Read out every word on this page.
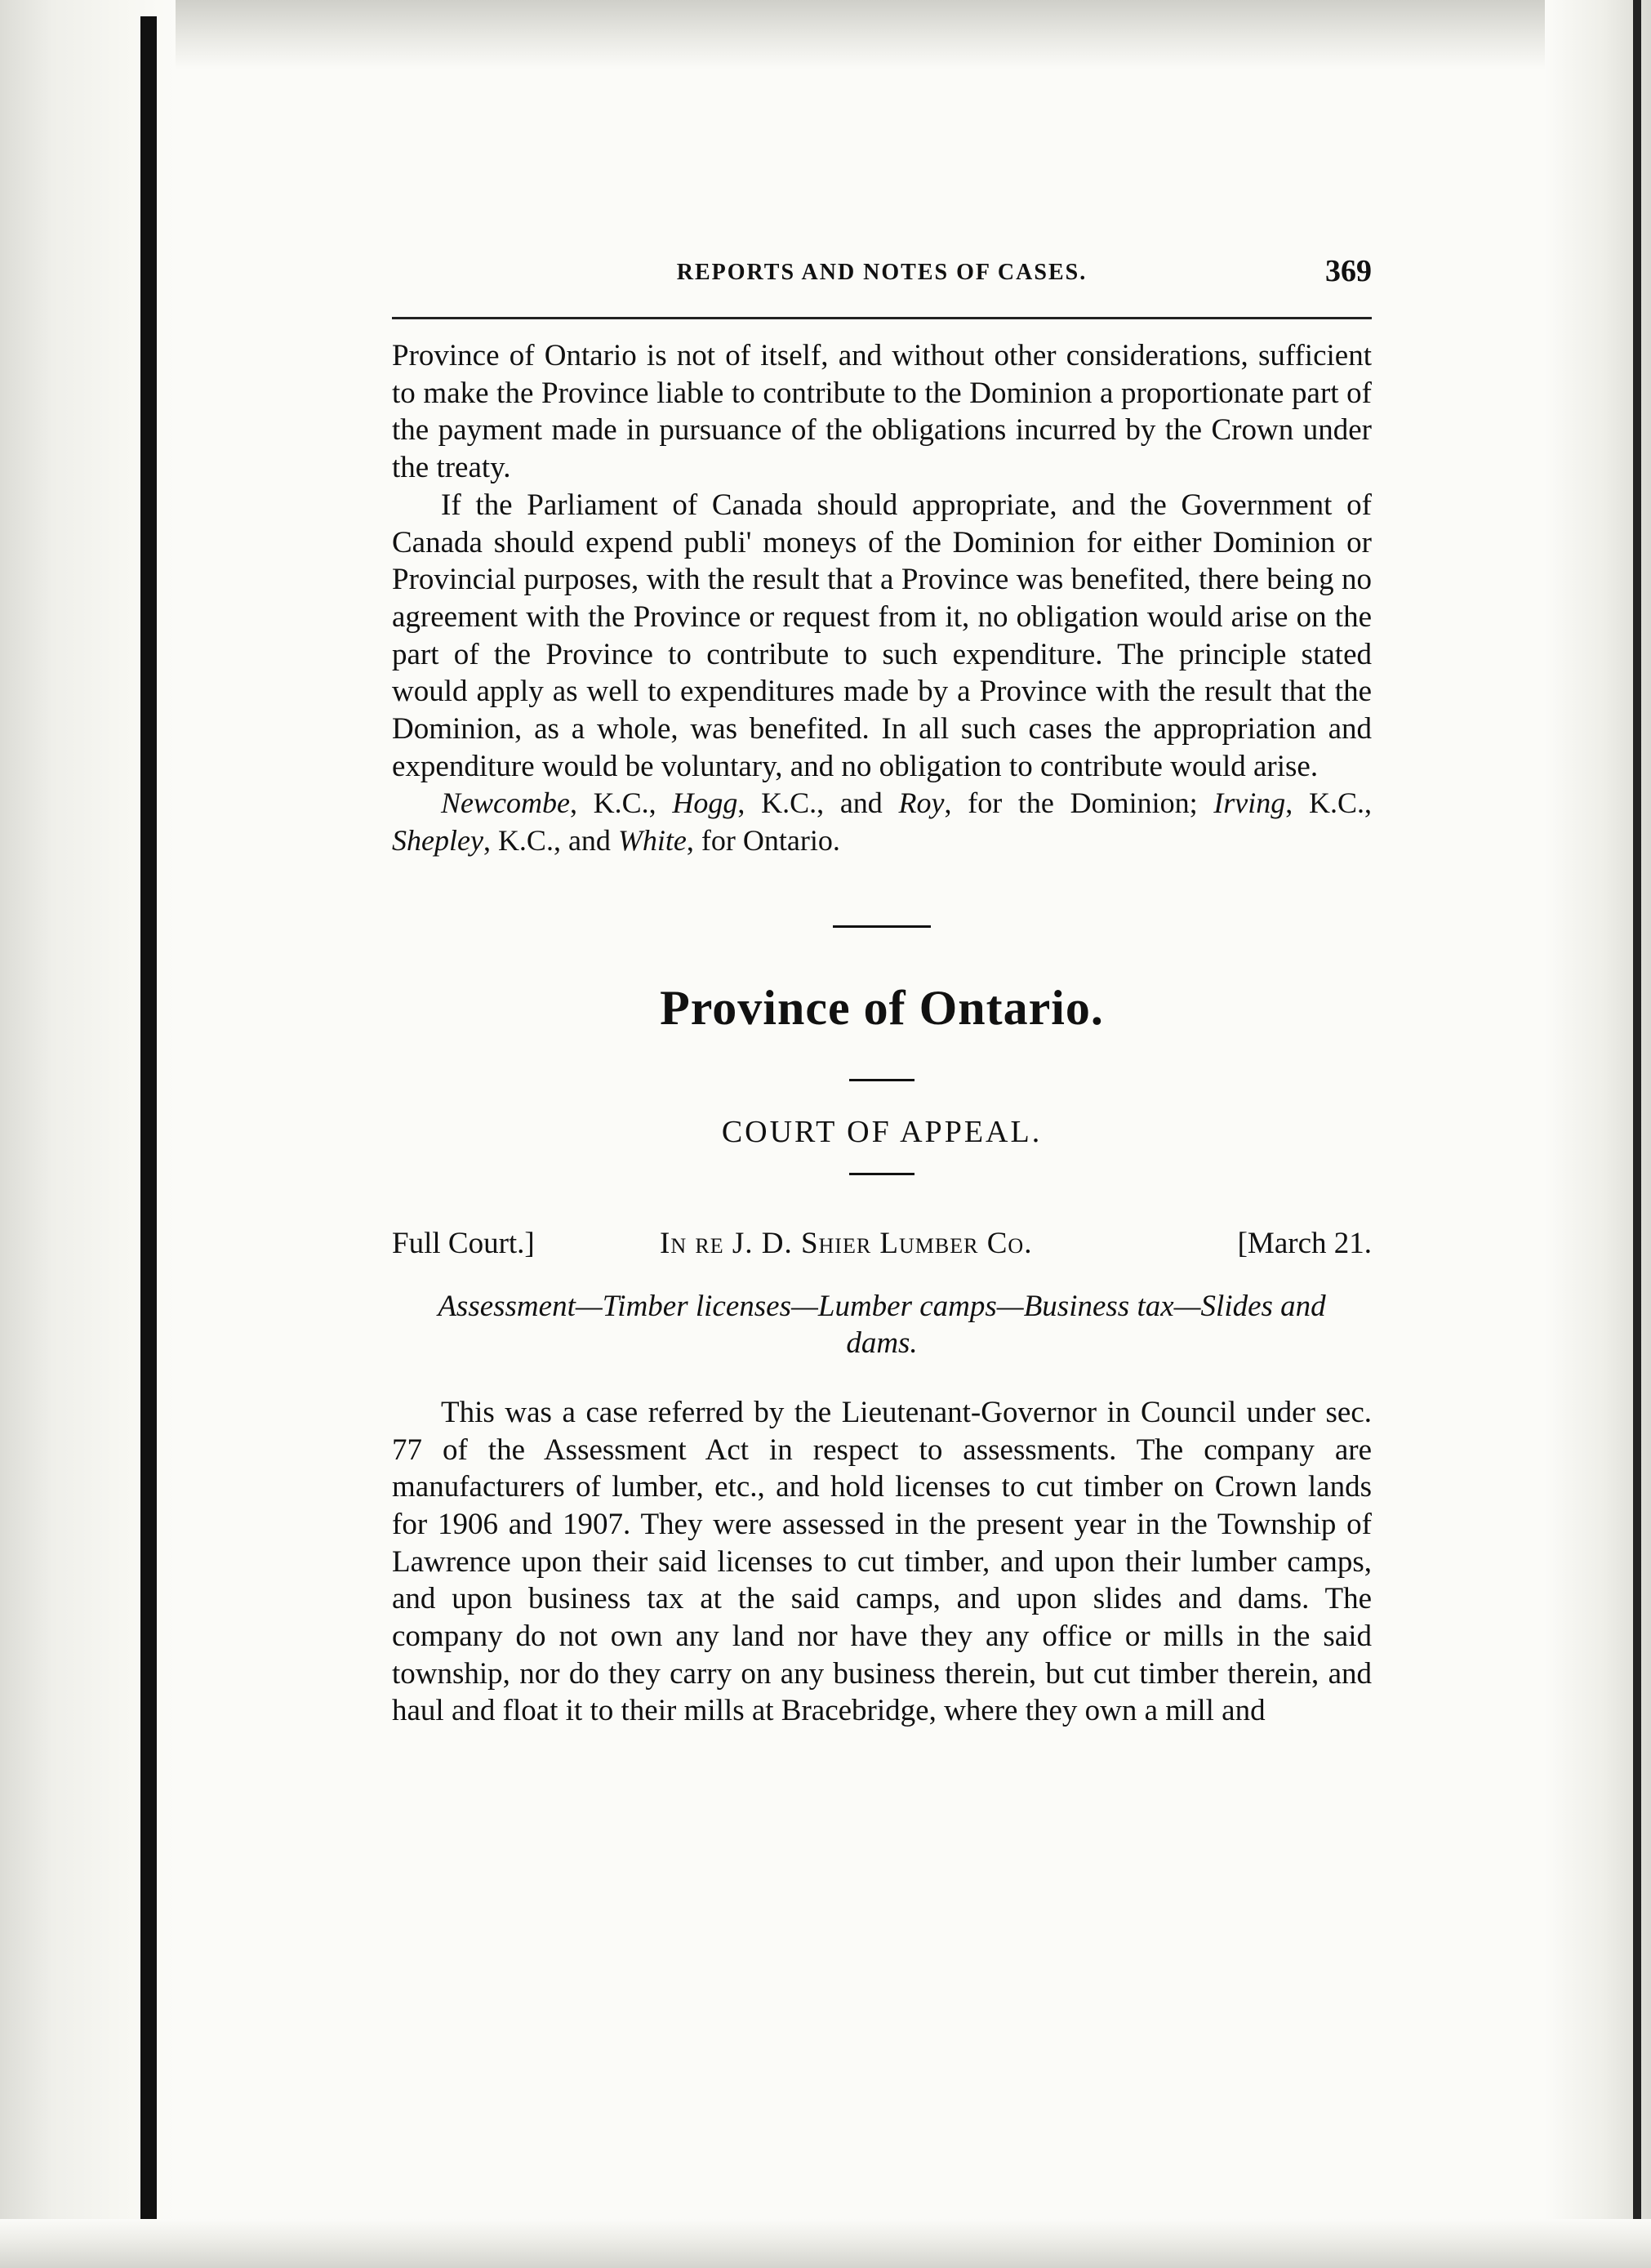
REPORTS AND NOTES OF CASES.	369

Province of Ontario is not of itself, and without other considerations, sufficient to make the Province liable to contribute to the Dominion a proportionate part of the payment made in pursuance of the obligations incurred by the Crown under the treaty.

If the Parliament of Canada should appropriate, and the Government of Canada should expend publi' moneys of the Dominion for either Dominion or Provincial purposes, with the result that a Province was benefited, there being no agreement with the Province or request from it, no obligation would arise on the part of the Province to contribute to such expenditure. The principle stated would apply as well to expenditures made by a Province with the result that the Dominion, as a whole, was benefited. In all such cases the appropriation and expenditure would be voluntary, and no obligation to contribute would arise.

Newcombe, K.C., Hogg, K.C., and Roy, for the Dominion; Irving, K.C., Shepley, K.C., and White, for Ontario.

Province of Ontario.
COURT OF APPEAL.
Full Court.]	In re J. D. Shier Lumber Co.	[March 21.
Assessment—Timber licenses—Lumber camps—Business tax—Slides and dams.

This was a case referred by the Lieutenant-Governor in Council under sec. 77 of the Assessment Act in respect to assessments. The company are manufacturers of lumber, etc., and hold licenses to cut timber on Crown lands for 1906 and 1907. They were assessed in the present year in the Township of Lawrence upon their said licenses to cut timber, and upon their lumber camps, and upon business tax at the said camps, and upon slides and dams. The company do not own any land nor have they any office or mills in the said township, nor do they carry on any business therein, but cut timber therein, and haul and float it to their mills at Bracebridge, where they own a mill and
